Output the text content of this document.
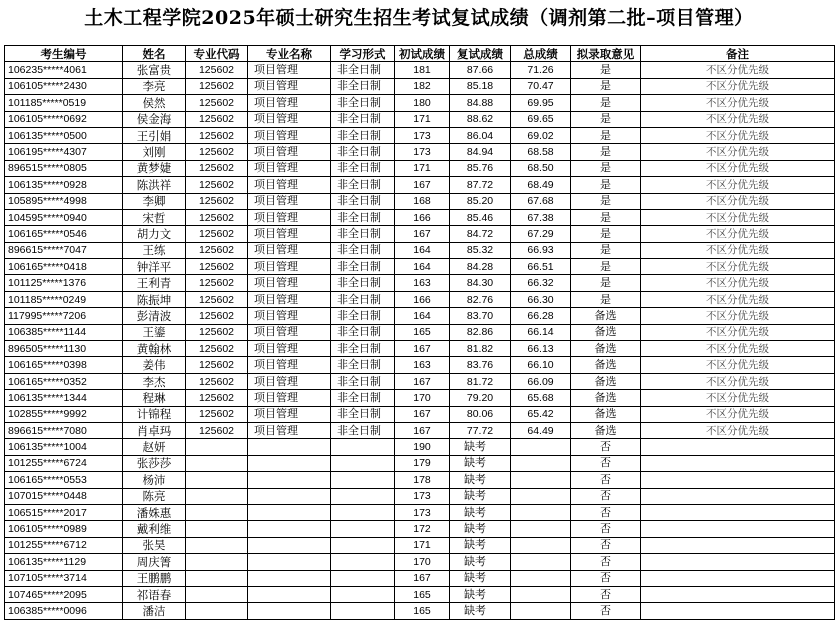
土木工程学院2025年硕士研究生招生考试复试成绩（调剂第二批–项目管理）
考生编号	姓名	专业代码	专业名称	学习形式	初试成绩	复试成绩	总成绩	拟录取意见	备注
106235*****4061	张富贵	125602	项目管理	非全日制	181	87.66	71.26	是	不区分优先级
106105*****2430	李亮	125602	项目管理	非全日制	182	85.18	70.47	是	不区分优先级
101185*****0519	侯然	125602	项目管理	非全日制	180	84.88	69.95	是	不区分优先级
106105*****0692	侯金海	125602	项目管理	非全日制	171	88.62	69.65	是	不区分优先级
106135*****0500	王引娟	125602	项目管理	非全日制	173	86.04	69.02	是	不区分优先级
106195*****4307	刘刚	125602	项目管理	非全日制	173	84.94	68.58	是	不区分优先级
896515*****0805	黄梦婕	125602	项目管理	非全日制	171	85.76	68.50	是	不区分优先级
106135*****0928	陈洪祥	125602	项目管理	非全日制	167	87.72	68.49	是	不区分优先级
105895*****4998	李卿	125602	项目管理	非全日制	168	85.20	67.68	是	不区分优先级
104595*****0940	宋哲	125602	项目管理	非全日制	166	85.46	67.38	是	不区分优先级
106165*****0546	胡力文	125602	项目管理	非全日制	167	84.72	67.29	是	不区分优先级
896615*****7047	王练	125602	项目管理	非全日制	164	85.32	66.93	是	不区分优先级
106165*****0418	钟洋平	125602	项目管理	非全日制	164	84.28	66.51	是	不区分优先级
101125*****1376	王利青	125602	项目管理	非全日制	163	84.30	66.32	是	不区分优先级
101185*****0249	陈振坤	125602	项目管理	非全日制	166	82.76	66.30	是	不区分优先级
117995*****7206	彭清波	125602	项目管理	非全日制	164	83.70	66.28	备选	不区分优先级
106385*****1144	王鎏	125602	项目管理	非全日制	165	82.86	66.14	备选	不区分优先级
896505*****1130	黄翰林	125602	项目管理	非全日制	167	81.82	66.13	备选	不区分优先级
106165*****0398	姜伟	125602	项目管理	非全日制	163	83.76	66.10	备选	不区分优先级
106165*****0352	李杰	125602	项目管理	非全日制	167	81.72	66.09	备选	不区分优先级
106135*****1344	程琳	125602	项目管理	非全日制	170	79.20	65.68	备选	不区分优先级
102855*****9992	计锦程	125602	项目管理	非全日制	167	80.06	65.42	备选	不区分优先级
896615*****7080	肖卓玛	125602	项目管理	非全日制	167	77.72	64.49	备选	不区分优先级
106135*****1004	赵妍				190	缺考		否	
101255*****6724	张莎莎				179	缺考		否	
106165*****0553	杨沛				178	缺考		否	
107015*****0448	陈亮				173	缺考		否	
106515*****2017	潘姝惠				173	缺考		否	
106105*****0989	戴利维				172	缺考		否	
101255*****6712	张昊				171	缺考		否	
106135*****1129	周庆箐				170	缺考		否	
107105*****3714	王鹏鹏				167	缺考		否	
107465*****2095	祁语春				165	缺考		否	
106385*****0096	潘洁				165	缺考		否	
